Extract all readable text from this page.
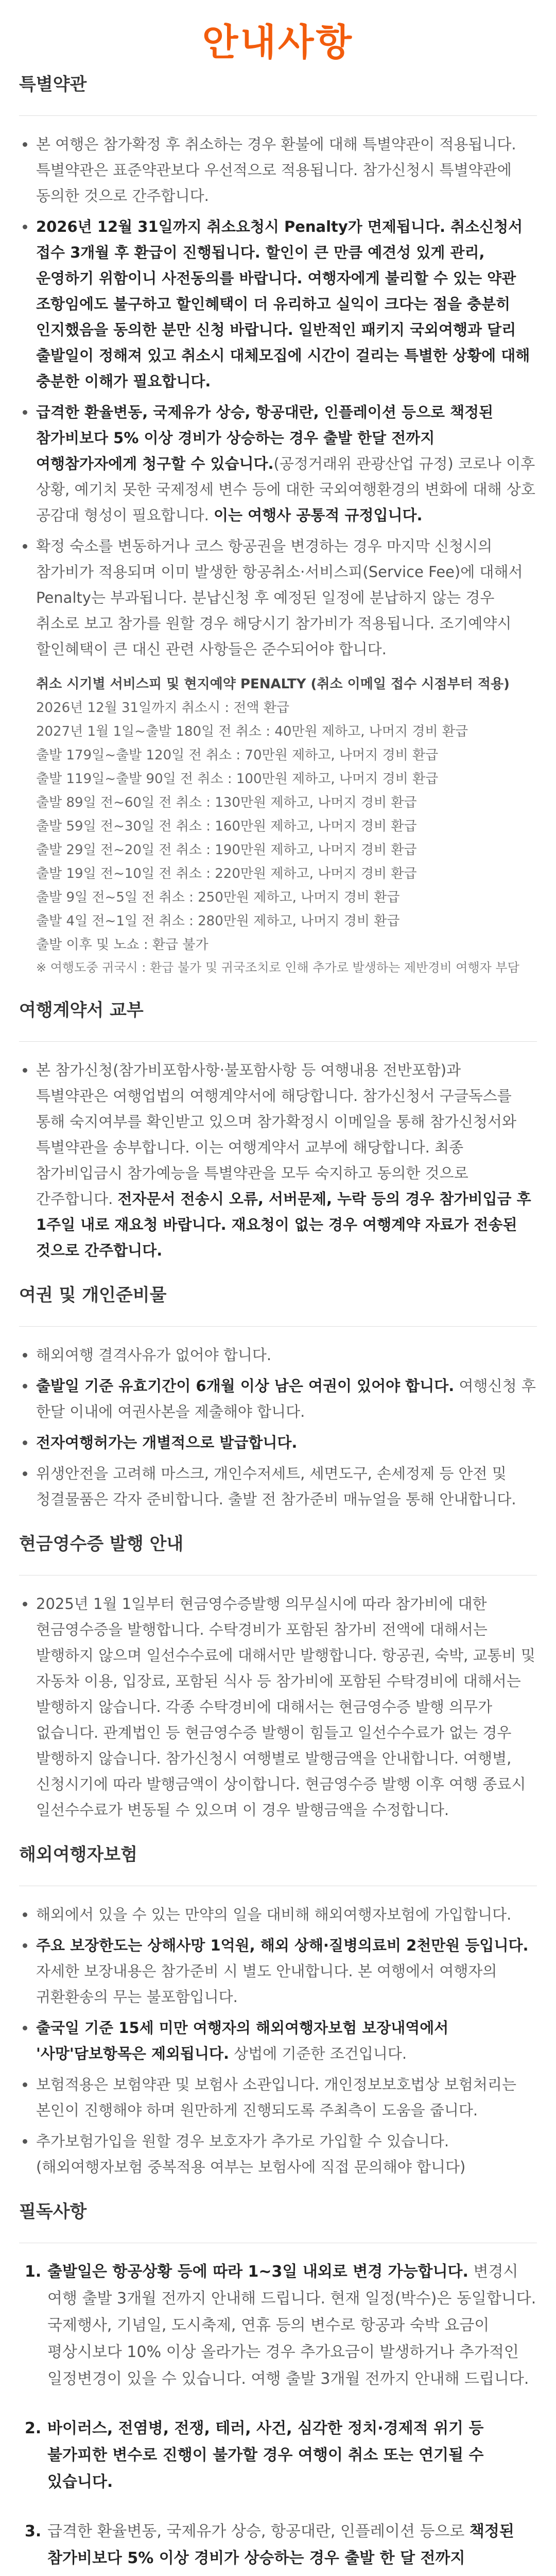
안내사항
특별약관
본 여행은 참가확정 후 취소하는 경우 환불에 대해 특별약관이 적용됩니다. 특별약관은 표준약관보다 우선적으로 적용됩니다. 참가신청시 특별약관에 동의한 것으로 간주합니다.
2026년 12월 31일까지 취소요청시 Penalty가 면제됩니다. 취소신청서 접수 3개월 후 환급이 진행됩니다. 할인이 큰 만큼 예견성 있게 관리, 운영하기 위함이니 사전동의를 바랍니다. 여행자에게 불리할 수 있는 약관 조항임에도 불구하고 할인혜택이 더 유리하고 실익이 크다는 점을 충분히 인지했음을 동의한 분만 신청 바랍니다. 일반적인 패키지 국외여행과 달리 출발일이 정해져 있고 취소시 대체모집에 시간이 걸리는 특별한 상황에 대해 충분한 이해가 필요합니다.
급격한 환율변동, 국제유가 상승, 항공대란, 인플레이션 등으로 책정된 참가비보다 5% 이상 경비가 상승하는 경우 출발 한달 전까지 여행참가자에게 청구할 수 있습니다.(공정거래위 관광산업 규정) 코로나 이후 상황, 예기치 못한 국제정세 변수 등에 대한 국외여행환경의 변화에 대해 상호 공감대 형성이 필요합니다. 이는 여행사 공통적 규정입니다.
확정 숙소를 변동하거나 코스 항공권을 변경하는 경우 마지막 신청시의 참가비가 적용되며 이미 발생한 항공취소·서비스피(Service Fee)에 대해서 Penalty는 부과됩니다. 분납신청 후 예정된 일정에 분납하지 않는 경우 취소로 보고 참가를 원할 경우 해당시기 참가비가 적용됩니다. 조기예약시 할인혜택이 큰 대신 관련 사항들은 준수되어야 합니다.
취소 시기별 서비스피 및 현지예약 PENALTY (취소 이메일 접수 시점부터 적용)
2026년 12월 31일까지 취소시 : 전액 환급
2027년 1월 1일~출발 180일 전 취소 : 40만원 제하고, 나머지 경비 환급
출발 179일~출발 120일 전 취소 : 70만원 제하고, 나머지 경비 환급
출발 119일~출발 90일 전 취소 : 100만원 제하고, 나머지 경비 환급
출발 89일 전~60일 전 취소 : 130만원 제하고, 나머지 경비 환급
출발 59일 전~30일 전 취소 : 160만원 제하고, 나머지 경비 환급
출발 29일 전~20일 전 취소 : 190만원 제하고, 나머지 경비 환급
출발 19일 전~10일 전 취소 : 220만원 제하고, 나머지 경비 환급
출발 9일 전~5일 전 취소 : 250만원 제하고, 나머지 경비 환급
출발 4일 전~1일 전 취소 : 280만원 제하고, 나머지 경비 환급
출발 이후 및 노쇼 : 환급 불가
※ 여행도중 귀국시 : 환급 불가 및 귀국조치로 인해 추가로 발생하는 제반경비 여행자 부담
여행계약서 교부
본 참가신청(참가비포함사항·불포함사항 등 여행내용 전반포함)과 특별약관은 여행업법의 여행계약서에 해당합니다. 참가신청서 구글독스를 통해 숙지여부를 확인받고 있으며 참가확정시 이메일을 통해 참가신청서와 특별약관을 송부합니다. 이는 여행계약서 교부에 해당합니다. 최종 참가비입금시 참가예능을 특별약관을 모두 숙지하고 동의한 것으로 간주합니다. 전자문서 전송시 오류, 서버문제, 누락 등의 경우 참가비입금 후 1주일 내로 재요청 바랍니다. 재요청이 없는 경우 여행계약 자료가 전송된 것으로 간주합니다.
여권 및 개인준비물
해외여행 결격사유가 없어야 합니다.
출발일 기준 유효기간이 6개월 이상 남은 여권이 있어야 합니다. 여행신청 후 한달 이내에 여권사본을 제출해야 합니다.
전자여행허가는 개별적으로 발급합니다.
위생안전을 고려해 마스크, 개인수저세트, 세면도구, 손세정제 등 안전 및 청결물품은 각자 준비합니다. 출발 전 참가준비 매뉴얼을 통해 안내합니다.
현금영수증 발행 안내
2025년 1월 1일부터 현금영수증발행 의무실시에 따라 참가비에 대한 현금영수증을 발행합니다. 수탁경비가 포함된 참가비 전액에 대해서는 발행하지 않으며 일선수수료에 대해서만 발행합니다. 항공권, 숙박, 교통비 및 자동차 이용, 입장료, 포함된 식사 등 참가비에 포함된 수탁경비에 대해서는 발행하지 않습니다. 각종 수탁경비에 대해서는 현금영수증 발행 의무가 없습니다. 관계법인 등 현금영수증 발행이 힘들고 일선수수료가 없는 경우 발행하지 않습니다. 참가신청시 여행별로 발행금액을 안내합니다. 여행별, 신청시기에 따라 발행금액이 상이합니다. 현금영수증 발행 이후 여행 종료시 일선수수료가 변동될 수 있으며 이 경우 발행금액을 수정합니다.
해외여행자보험
해외에서 있을 수 있는 만약의 일을 대비해 해외여행자보험에 가입합니다.
주요 보장한도는 상해사망 1억원, 해외 상해·질병의료비 2천만원 등입니다. 자세한 보장내용은 참가준비 시 별도 안내합니다. 본 여행에서 여행자의 귀환환송의 무는 불포함입니다.
출국일 기준 15세 미만 여행자의 해외여행자보험 보장내역에서 '사망'담보항목은 제외됩니다. 상법에 기준한 조건입니다.
보험적용은 보험약관 및 보험사 소관입니다. 개인정보보호법상 보험처리는 본인이 진행해야 하며 원만하게 진행되도록 주최측이 도움을 줍니다.
추가보험가입을 원할 경우 보호자가 추가로 가입할 수 있습니다.(해외여행자보험 중복적용 여부는 보험사에 직접 문의해야 합니다)
필독사항
1. 출발일은 항공상황 등에 따라 1~3일 내외로 변경 가능합니다. 변경시 여행 출발 3개월 전까지 안내해 드립니다. 현재 일정(박수)은 동일합니다. 국제행사, 기념일, 도시축제, 연휴 등의 변수로 항공과 숙박 요금이 평상시보다 10% 이상 올라가는 경우 추가요금이 발생하거나 추가적인 일정변경이 있을 수 있습니다. 여행 출발 3개월 전까지 안내해 드립니다.
2. 바이러스, 전염병, 전쟁, 테러, 사건, 심각한 정치·경제적 위기 등 불가피한 변수로 진행이 불가할 경우 여행이 취소 또는 연기될 수 있습니다.
3. 급격한 환율변동, 국제유가 상승, 항공대란, 인플레이션 등으로 책정된 참가비보다 5% 이상 경비가 상승하는 경우 출발 한 달 전까지
